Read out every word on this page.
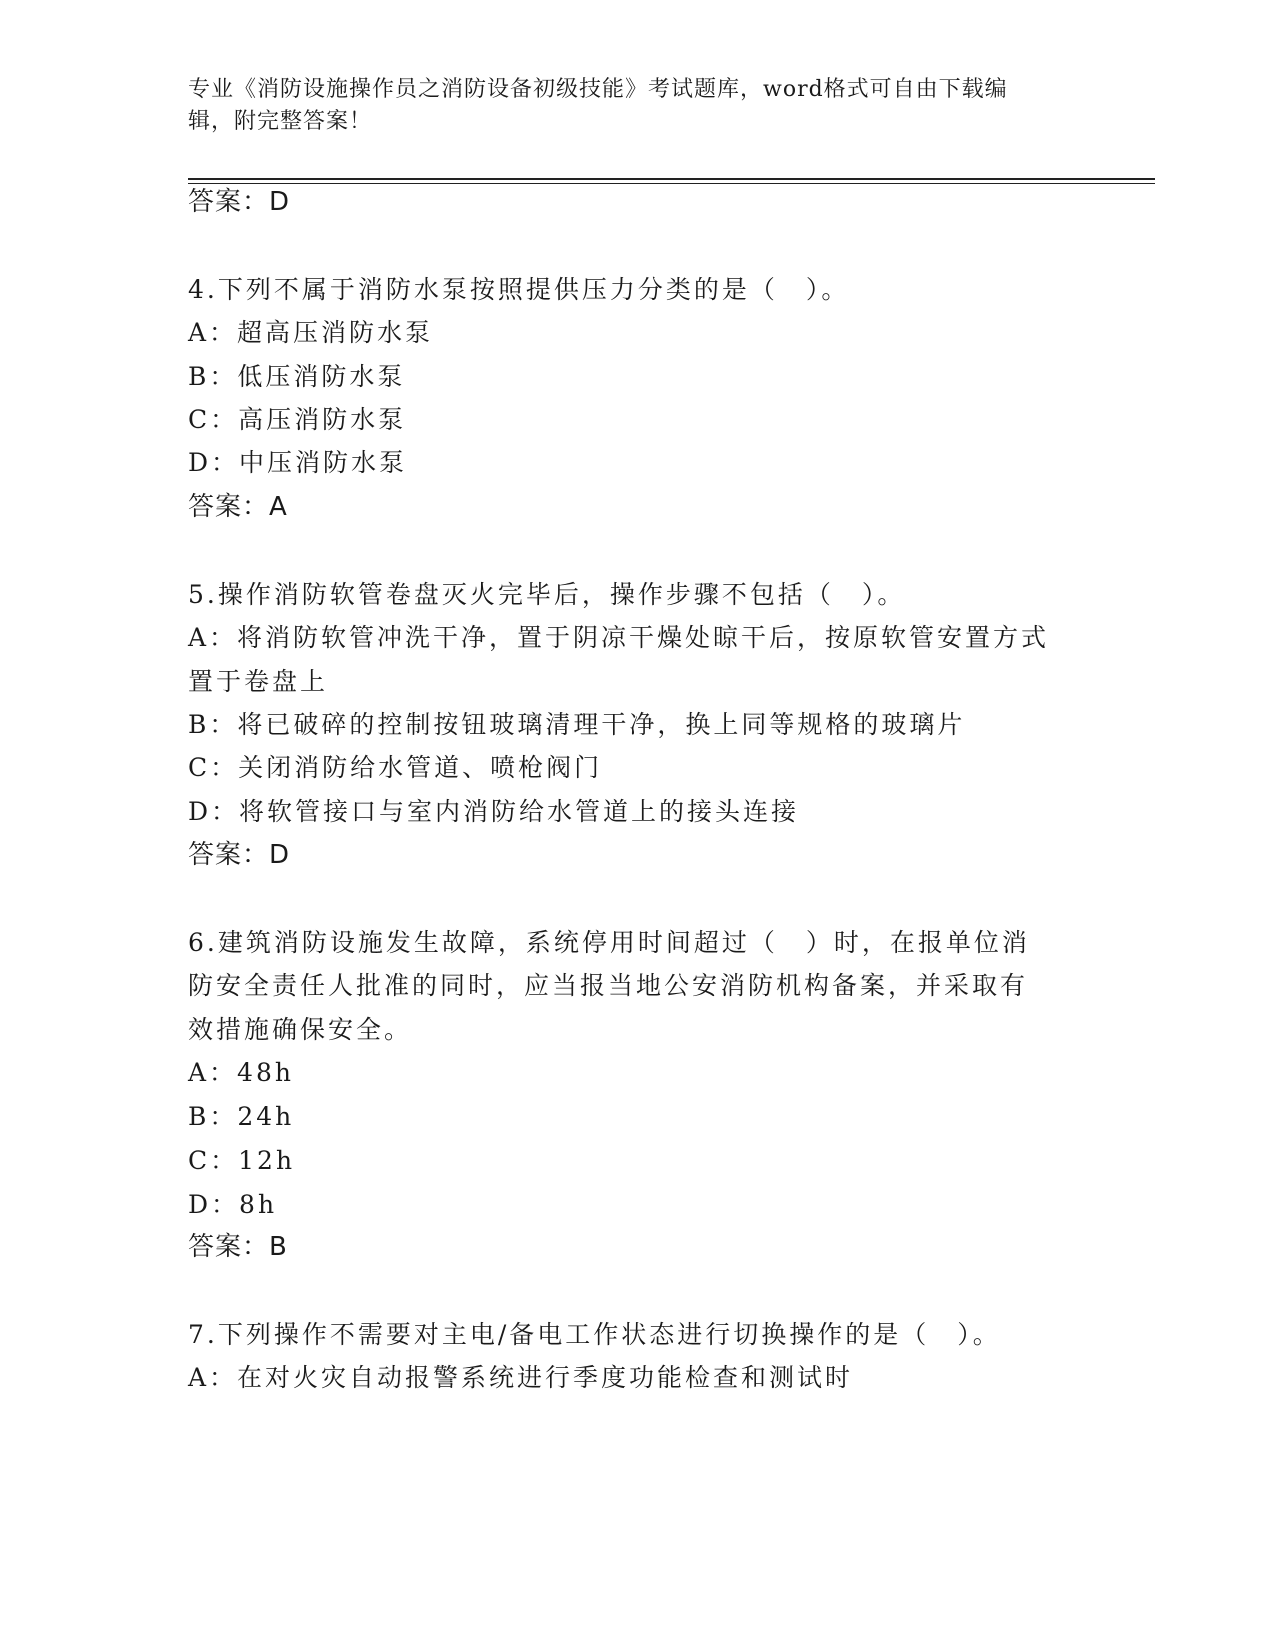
专业《消防设施操作员之消防设备初级技能》考试题库，word格式可自由下载编
辑，附完整答案！
答案：D
4.下列不属于消防水泵按照提供压力分类的是（　）。
A：超高压消防水泵
B：低压消防水泵
C：高压消防水泵
D：中压消防水泵
答案：A
5.操作消防软管卷盘灭火完毕后，操作步骤不包括（　）。
A：将消防软管冲洗干净，置于阴凉干燥处晾干后，按原软管安置方式
置于卷盘上
B：将已破碎的控制按钮玻璃清理干净，换上同等规格的玻璃片
C：关闭消防给水管道、喷枪阀门
D：将软管接口与室内消防给水管道上的接头连接
答案：D
6.建筑消防设施发生故障，系统停用时间超过（　）时，在报单位消
防安全责任人批准的同时，应当报当地公安消防机构备案，并采取有
效措施确保安全。
A：48h
B：24h
C：12h
D：8h
答案：B
7.下列操作不需要对主电/备电工作状态进行切换操作的是（　）。
A：在对火灾自动报警系统进行季度功能检查和测试时
